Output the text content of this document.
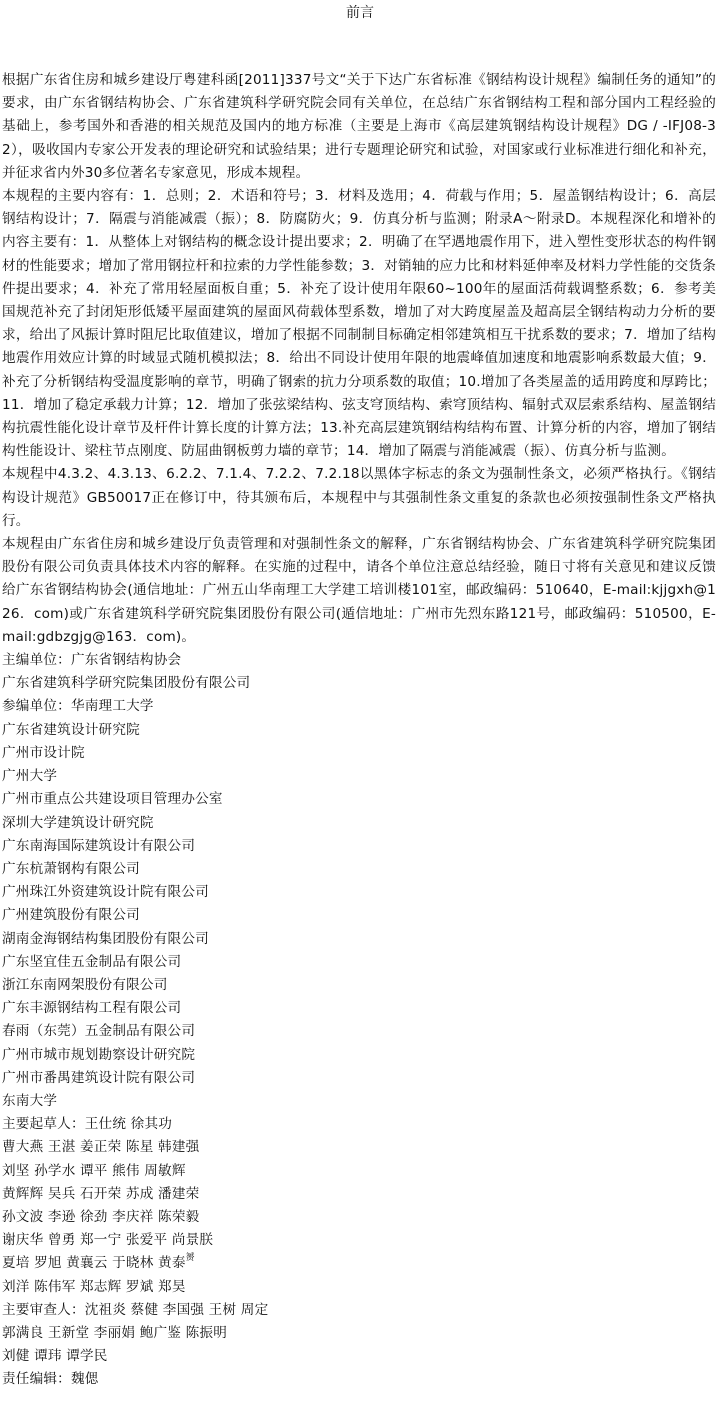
前言

根据广东省住房和城乡建设厅粤建科函[2011]337号文“关于下达广东省标准《钢结构设计规程》编制任务的通知”的要求，由广东省钢结构协会、广东省建筑科学研究院会同有关单位，在总结广东省钢结构工程和部分国内工程经验的基础上，参考国外和香港的相关规范及国内的地方标准（主要是上海市《高层建筑钢结构设计规程》DG / -IFJ08-32），吸收国内专家公开发表的理论研究和试验结果；进行专题理论研究和试验，对国家或行业标准进行细化和补充，并征求省内外30多位著名专家意见，形成本规程。

本规程的主要内容有：1．总则；2．术语和符号；3．材料及选用；4．荷载与作用；5．屋盖钢结构设计；6．高层钢结构设计；7．隔震与消能减震（振）；8．防腐防火；9．仿真分析与监测；附录A～附录D。本规程深化和增补的内容主要有：1．从整体上对钢结构的概念设计提出要求；2．明确了在罕遇地震作用下，进入塑性变形状态的构件钢材的性能要求；增加了常用钢拉杆和拉索的力学性能参数；3．对销轴的应力比和材料延伸率及材料力学性能的交货条件提出要求；4．补充了常用轻屋面板自重；5．补充了设计使用年限60~100年的屋面活荷载调整系数；6．参考美国规范补充了封闭矩形低矮平屋面建筑的屋面风荷载体型系数，增加了对大跨度屋盖及超高层全钢结构动力分析的要求，给出了风振计算时阻尼比取值建议，增加了根据不同制制目标确定相邻建筑相互干扰系数的要求；7．增加了结构地震作用效应计算的时域显式随机模拟法；8．给出不同设计使用年限的地震峰值加速度和地震影响系数最大值；9．补充了分析钢结构受温度影响的章节，明确了钢索的抗力分项系数的取值；10.增加了各类屋盖的适用跨度和厚跨比；11．增加了稳定承载力计算；12．增加了张弦梁结构、弦支穹顶结构、索穹顶结构、辐射式双层索系结构、屋盖钢结构抗震性能化设计章节及杆件计算长度的计算方法；13.补充高层建筑钢结构结构布置、计算分析的内容，增加了钢结构性能设计、梁柱节点刚度、防屈曲钢板剪力墙的章节；14．增加了隔震与消能减震（振）、仿真分析与监测。

本规程中4.3.2、4.3.13、6.2.2、7.1.4、7.2.2、7.2.18以黑体字标志的条文为强制性条文，必须严格执行。《钢结构设计规范》GB50017正在修订中，待其颁布后，本规程中与其强制性条文重复的条款也必须按强制性条文严格执行。

本规程由广东省住房和城乡建设厅负责管理和对强制性条文的解释，广东省钢结构协会、广东省建筑科学研究院集团股份有限公司负责具体技术内容的解释。在实施的过程中，请各个单位注意总结经验，随日寸将有关意见和建议反馈给广东省钢结构协会(通信地址：广州五山华南理工大学建工培训楼101室，邮政编码：510640，E-mail:kjjgxh@126．com)或广东省建筑科学研究院集团股份有限公司(遁信地址：广州市先烈东路121号，邮政编码：510500，E-mail:gdbzgjg@163．com)。

主编单位：广东省钢结构协会
广东省建筑科学研究院集团股份有限公司
参编单位：华南理工大学
广东省建筑设计研究院
广州市设计院
广州大学
广州市重点公共建设项目管理办公室
深圳大学建筑设计研究院
广东南海国际建筑设计有限公司
广东杭萧钢构有限公司
广州珠江外资建筑设计院有限公司
广州建筑股份有限公司
湖南金海钢结构集团股份有限公司
广东坚宜佳五金制品有限公司
浙江东南网架股份有限公司
广东丰源钢结构工程有限公司
春雨（东莞）五金制品有限公司
广州市城市规划勘察设计研究院
广州市番禺建筑设计院有限公司
东南大学
主要起草人：王仕统 徐其功
曹大燕 王湛 姜正荣 陈星 韩建强
刘坚 孙学水 谭平 熊伟 周敏辉
黄辉辉 吴兵 石开荣 苏成 潘建荣
孙文波 李逊 徐劲 李庆祥 陈荣毅
谢庆华 曾勇 郑一宁 张爱平 尚景朕
夏培 罗旭 黄襄云 于晓林 黄泰$^赟$
刘洋 陈伟军 郑志辉 罗斌 郑昊
主要审查人：沈祖炎 蔡健 李国强 王树 周定
郭满良 王新堂 李丽娟 鲍广鉴 陈振明
刘健 谭玮 谭学民
责任编辑：魏偲
